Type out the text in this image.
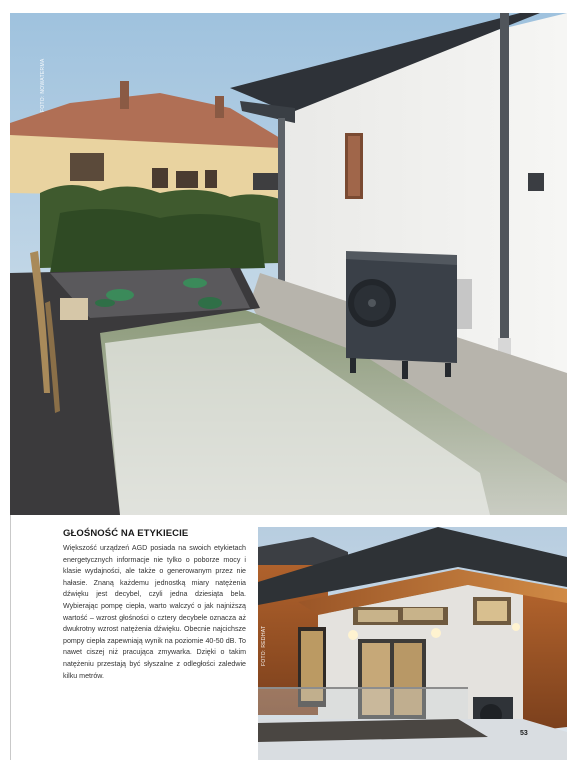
FOTO: NOWATERMA
GŁOŚNOŚĆ NA ETYKIECIE

Większość urządzeń AGD posiada na swoich etykietach energetycznych informacje nie tylko o poborze mocy i klasie wydajności, ale także o generowanym przez nie hałasie. Znaną każdemu jednostką miary natężenia dźwięku jest decybel, czyli jedna dziesiąta bela. Wybierając pompę ciepła, warto walczyć o jak najniższą wartość – wzrost głośności o cztery decybele oznacza aż dwukrotny wzrost natężenia dźwięku. Obecnie najcichsze pompy ciepła zapewniają wynik na poziomie 40-50 dB. To nawet ciszej niż pracująca zmywarka. Dzięki o takim natężeniu przestają być słyszalne z odległości zaledwie kilku metrów.

FOTO: REDHAT
53
